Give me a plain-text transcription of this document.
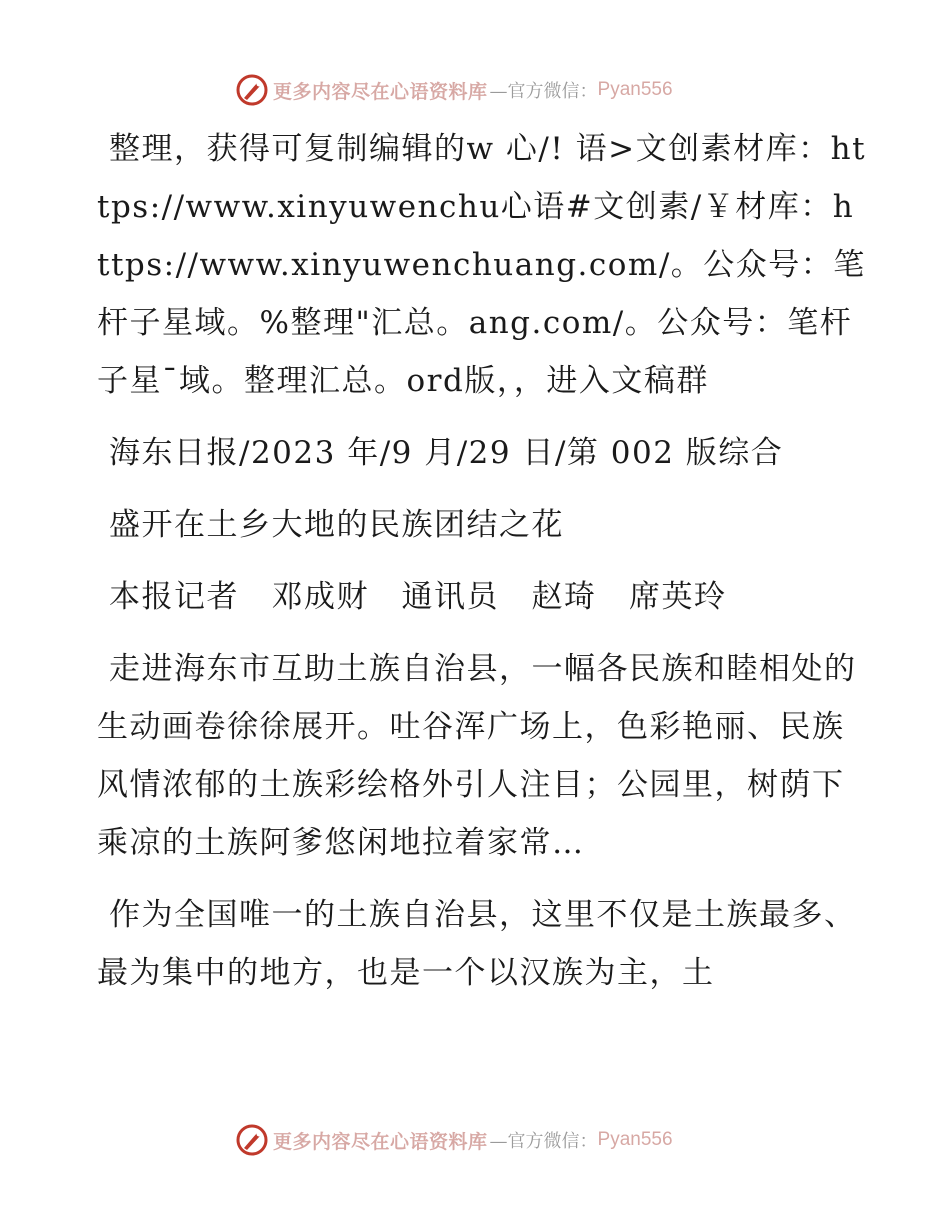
更多内容尽在心语资料库 —官方微信： Pyan556

整理，获得可复制编辑的w 心/! 语>文创素材库：https://www.xinyuwenchu心语#文创素/￥材库：https://www.xinyuwenchuang.com/。公众号：笔杆子星域。%整理"汇总。ang.com/。公众号：笔杆子星¯域。整理汇总。ord版，，进入文稿群

海东日报/2023 年/9 月/29 日/第 002 版综合

盛开在土乡大地的民族团结之花

本报记者　邓成财　通讯员　赵琦　席英玲

走进海东市互助土族自治县，一幅各民族和睦相处的生动画卷徐徐展开。吐谷浑广场上，色彩艳丽、民族风情浓郁的土族彩绘格外引人注目；公园里，树荫下乘凉的土族阿爹悠闲地拉着家常…

作为全国唯一的土族自治县，这里不仅是土族最多、最为集中的地方，也是一个以汉族为主，土

更多内容尽在心语资料库 —官方微信： Pyan556
